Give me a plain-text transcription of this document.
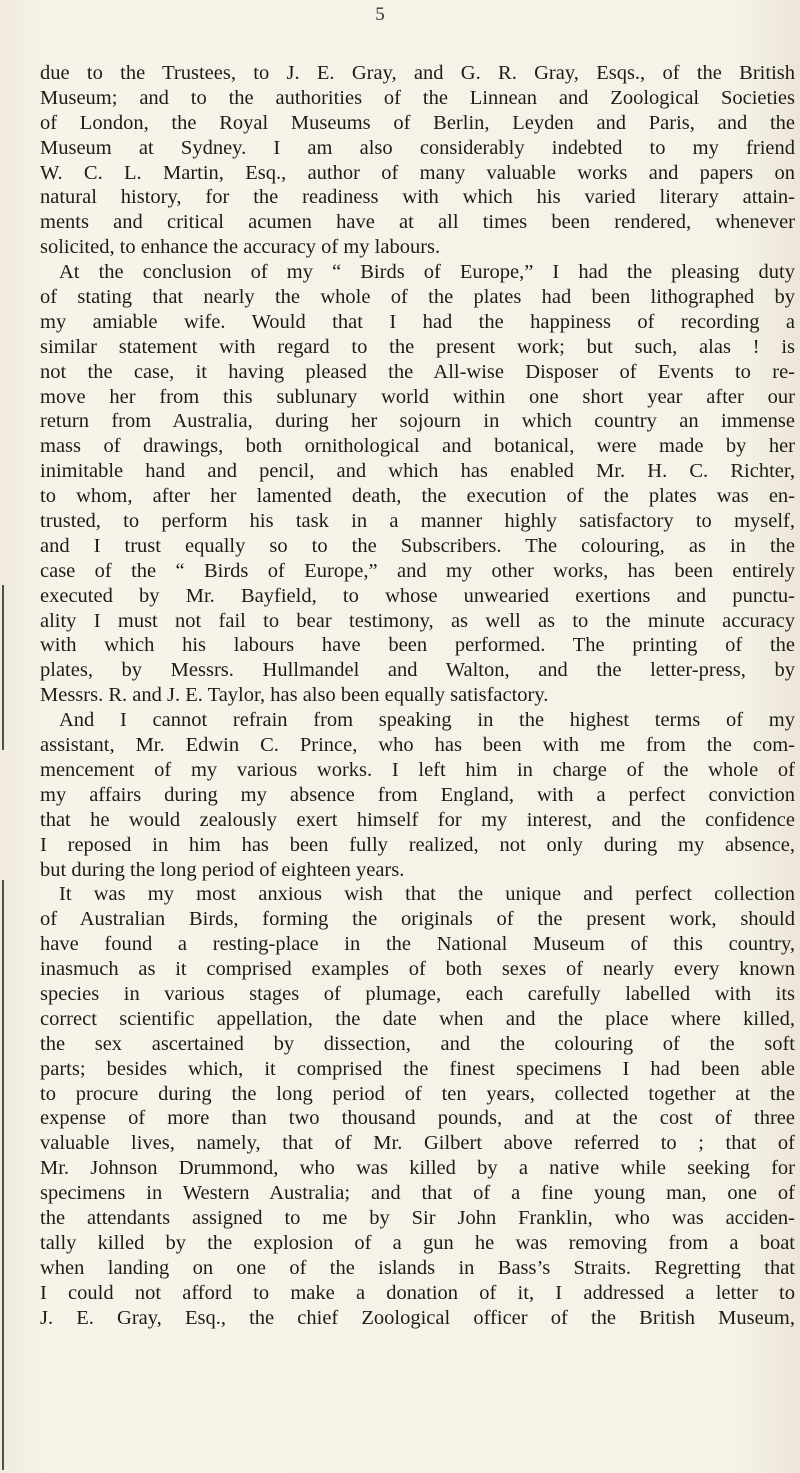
5
due to the Trustees, to J. E. Gray, and G. R. Gray, Esqs., of the British
Museum; and to the authorities of the Linnean and Zoological Societies
of London, the Royal Museums of Berlin, Leyden and Paris, and the
Museum at Sydney. I am also considerably indebted to my friend
W. C. L. Martin, Esq., author of many valuable works and papers on
natural history, for the readiness with which his varied literary attain-
ments and critical acumen have at all times been rendered, whenever
solicited, to enhance the accuracy of my labours.
At the conclusion of my “ Birds of Europe,” I had the pleasing duty
of stating that nearly the whole of the plates had been lithographed by
my amiable wife. Would that I had the happiness of recording a
similar statement with regard to the present work; but such, alas ! is
not the case, it having pleased the All-wise Disposer of Events to re-
move her from this sublunary world within one short year after our
return from Australia, during her sojourn in which country an immense
mass of drawings, both ornithological and botanical, were made by her
inimitable hand and pencil, and which has enabled Mr. H. C. Richter,
to whom, after her lamented death, the execution of the plates was en-
trusted, to perform his task in a manner highly satisfactory to myself,
and I trust equally so to the Subscribers. The colouring, as in the
case of the “ Birds of Europe,” and my other works, has been entirely
executed by Mr. Bayfield, to whose unwearied exertions and punctu-
ality I must not fail to bear testimony, as well as to the minute accuracy
with which his labours have been performed. The printing of the
plates, by Messrs. Hullmandel and Walton, and the letter-press, by
Messrs. R. and J. E. Taylor, has also been equally satisfactory.
And I cannot refrain from speaking in the highest terms of my
assistant, Mr. Edwin C. Prince, who has been with me from the com-
mencement of my various works. I left him in charge of the whole of
my affairs during my absence from England, with a perfect conviction
that he would zealously exert himself for my interest, and the confidence
I reposed in him has been fully realized, not only during my absence,
but during the long period of eighteen years.
It was my most anxious wish that the unique and perfect collection
of Australian Birds, forming the originals of the present work, should
have found a resting-place in the National Museum of this country,
inasmuch as it comprised examples of both sexes of nearly every known
species in various stages of plumage, each carefully labelled with its
correct scientific appellation, the date when and the place where killed,
the sex ascertained by dissection, and the colouring of the soft
parts; besides which, it comprised the finest specimens I had been able
to procure during the long period of ten years, collected together at the
expense of more than two thousand pounds, and at the cost of three
valuable lives, namely, that of Mr. Gilbert above referred to ; that of
Mr. Johnson Drummond, who was killed by a native while seeking for
specimens in Western Australia; and that of a fine young man, one of
the attendants assigned to me by Sir John Franklin, who was acciden-
tally killed by the explosion of a gun he was removing from a boat
when landing on one of the islands in Bass’s Straits. Regretting that
I could not afford to make a donation of it, I addressed a letter to
J. E. Gray, Esq., the chief Zoological officer of the British Museum,
